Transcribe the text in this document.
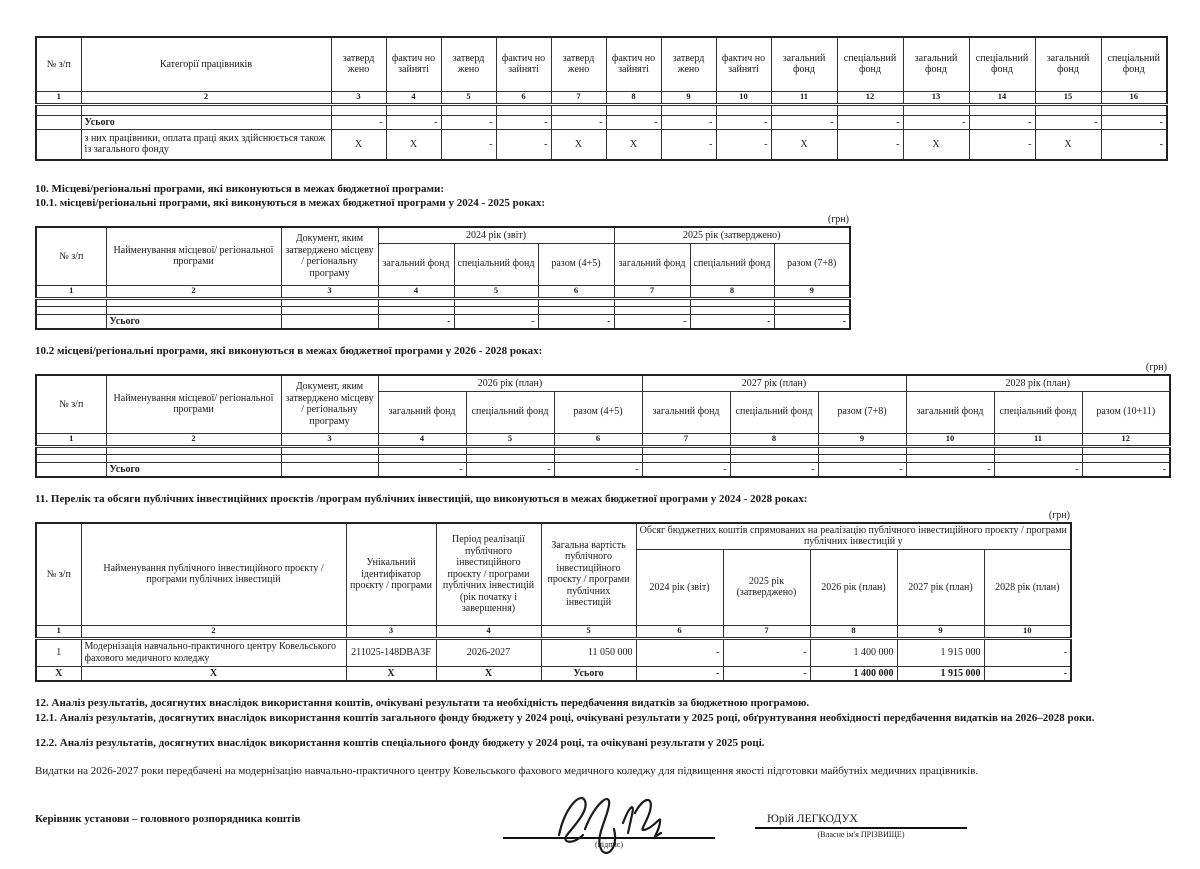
№ з/п	Категорії працівників	затверд жено	фактич но зайняті	затверд жено	фактич но зайняті	затверд жено	фактич но зайняті	затверд жено	фактич но зайняті	загальний фонд	спеціальний фонд	загальний фонд	спеціальний фонд	загальний фонд	спеціальний фонд
1	2	3	4	5	6	7	8	9	10	11	12	13	14	15	16

	Усього	-	-	-	-	-	-	-	-	-	-	-	-	-	-
	з них працівники, оплата праці яких здійснюється також із загального фонду	X	X	-	-	X	X	-	-	X	-	X	-	X	-
10. Місцеві/регіональні програми, які виконуються в межах бюджетної програми:
10.1. місцеві/регіональні програми, які виконуються в межах бюджетної програми у 2024 - 2025 роках:
(грн)
№ з/п	Найменування місцевої/ регіональної програми	Документ, яким затверджено місцеву / регіональну програму	2024 рік (звіт)			2025 рік (затверджено)		
			загальний фонд	спеціальний фонд	разом (4+5)	загальний фонд	спеціальний фонд	разом (7+8)
1	2	3	4	5	6	7	8	9

	Усього		-	-	-	-	-	-
10.2 місцеві/регіональні програми, які виконуються в межах бюджетної програми у 2026 - 2028 роках:
(грн)
№ з/п	Найменування місцевої/ регіональної програми	Документ, яким затверджено місцеву / регіональну програму	2026 рік (план)			2027 рік (план)			2028 рік (план)		
			загальний фонд	спеціальний фонд	разом (4+5)	загальний фонд	спеціальний фонд	разом (7+8)	загальний фонд	спеціальний фонд	разом (10+11)
1	2	3	4	5	6	7	8	9	10	11	12

	Усього		-	-	-	-	-	-	-	-	-
11. Перелік та обсяги публічних інвестиційних проєктів /програм публічних інвестицій, що виконуються в межах бюджетної програми у 2024 - 2028 роках:
(грн)
№ з/п	Найменування публічного інвестиційного проєкту / програми публічних інвестицій	Унікальний ідентифікатор проєкту / програми	Період реалізації публічного інвестиційного проєкту / програми публічних інвестицій (рік початку і завершення)	Загальна вартість публічного інвестиційного проєкту / програми публічних інвестицій	Обсяг бюджетних коштів спрямованих на реалізацію публічного інвестиційного проєкту / програми публічних інвестицій у				
					2024 рік (звіт)	2025 рік (затверджено)	2026 рік (план)	2027 рік (план)	2028 рік (план)
1	2	3	4	5	6	7	8	9	10
1	Модернізація навчально-практичного центру Ковельського фахового медичного коледжу	211025-148DBA3F	2026-2027	11 050 000	-	-	1 400 000	1 915 000	-
X	X	X	X	Усього	-	-	1 400 000	1 915 000	-
12. Аналіз результатів, досягнутих внаслідок використання коштів, очікувані результати та необхідність передбачення видатків за бюджетною програмою.
12.1. Аналіз результатів, досягнутих внаслідок використання коштів загального фонду бюджету у 2024 році, очікувані результати у 2025 році, обґрунтування необхідності передбачення видатків на 2026–2028 роки.
12.2. Аналіз результатів, досягнутих внаслідок використання коштів спеціального фонду бюджету у 2024 році, та очікувані результати у 2025 році.
Видатки на 2026-2027 роки передбачені на модернізацію навчально-практичного центру Ковельського фахового медичного коледжу для підвищення якості підготовки майбутніх медичних працівників.
Керівник установи – головного розпорядника коштів
(підпис)
Юрій ЛЕГКОДУХ
(Власне ім'я ПРІЗВИЩЕ)
